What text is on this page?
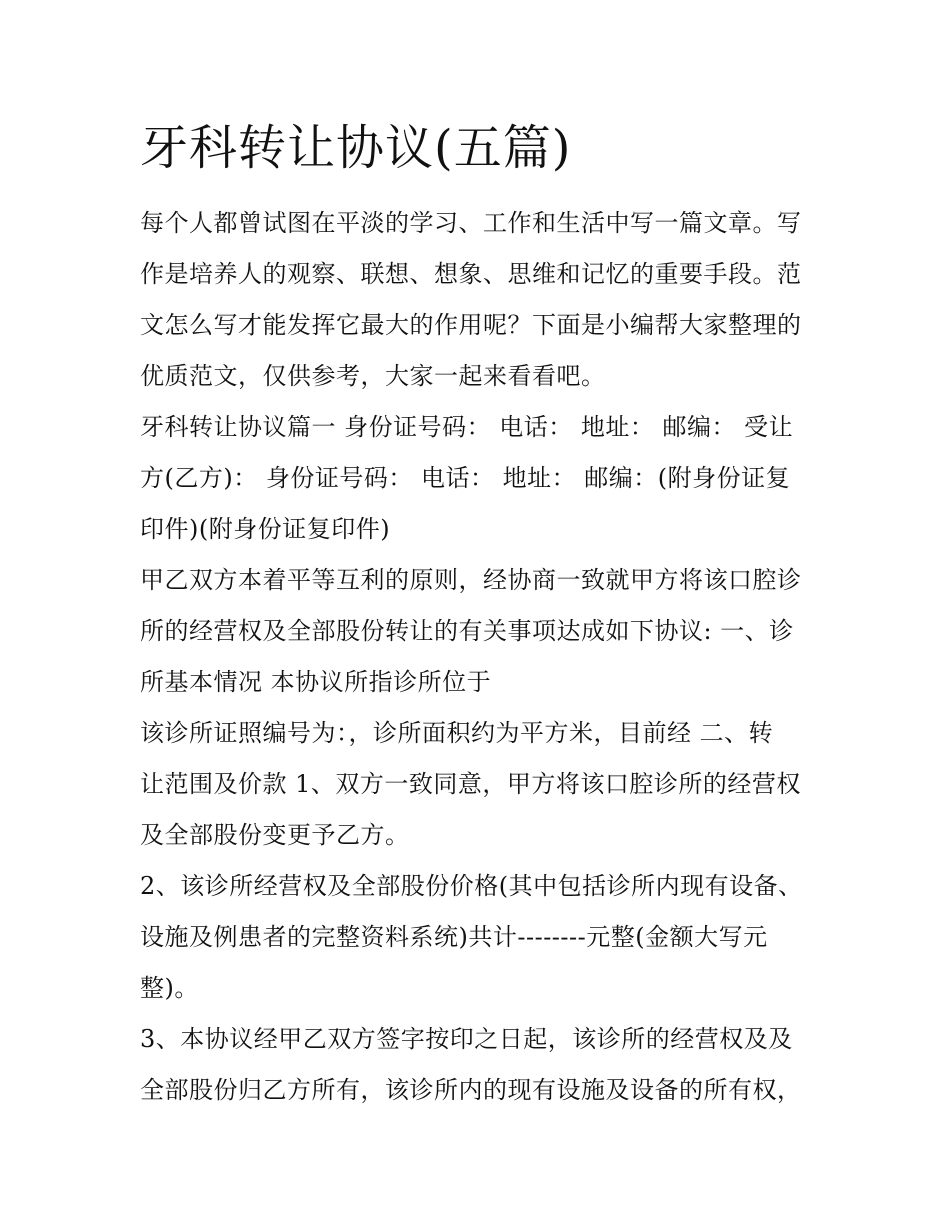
牙科转让协议(五篇)

每个人都曾试图在平淡的学习、工作和生活中写一篇文章。写
作是培养人的观察、联想、想象、思维和记忆的重要手段。范
文怎么写才能发挥它最大的作用呢？下面是小编帮大家整理的
优质范文，仅供参考，大家一起来看看吧。

牙科转让协议篇一 身份证号码： 电话： 地址： 邮编： 受让
方(乙方)： 身份证号码： 电话： 地址： 邮编：(附身份证复
印件)(附身份证复印件)

甲乙双方本着平等互利的原则，经协商一致就甲方将该口腔诊
所的经营权及全部股份转让的有关事项达成如下协议: 一、诊
所基本情况 本协议所指诊所位于

该诊所证照编号为：，诊所面积约为平方米，目前经 二、转
让范围及价款 1、双方一致同意，甲方将该口腔诊所的经营权
及全部股份变更予乙方。

2、该诊所经营权及全部股份价格(其中包括诊所内现有设备、
设施及例患者的完整资料系统)共计--------元整(金额大写元
整)。

3、本协议经甲乙双方签字按印之日起，该诊所的经营权及及
全部股份归乙方所有，该诊所内的现有设施及设备的所有权，
